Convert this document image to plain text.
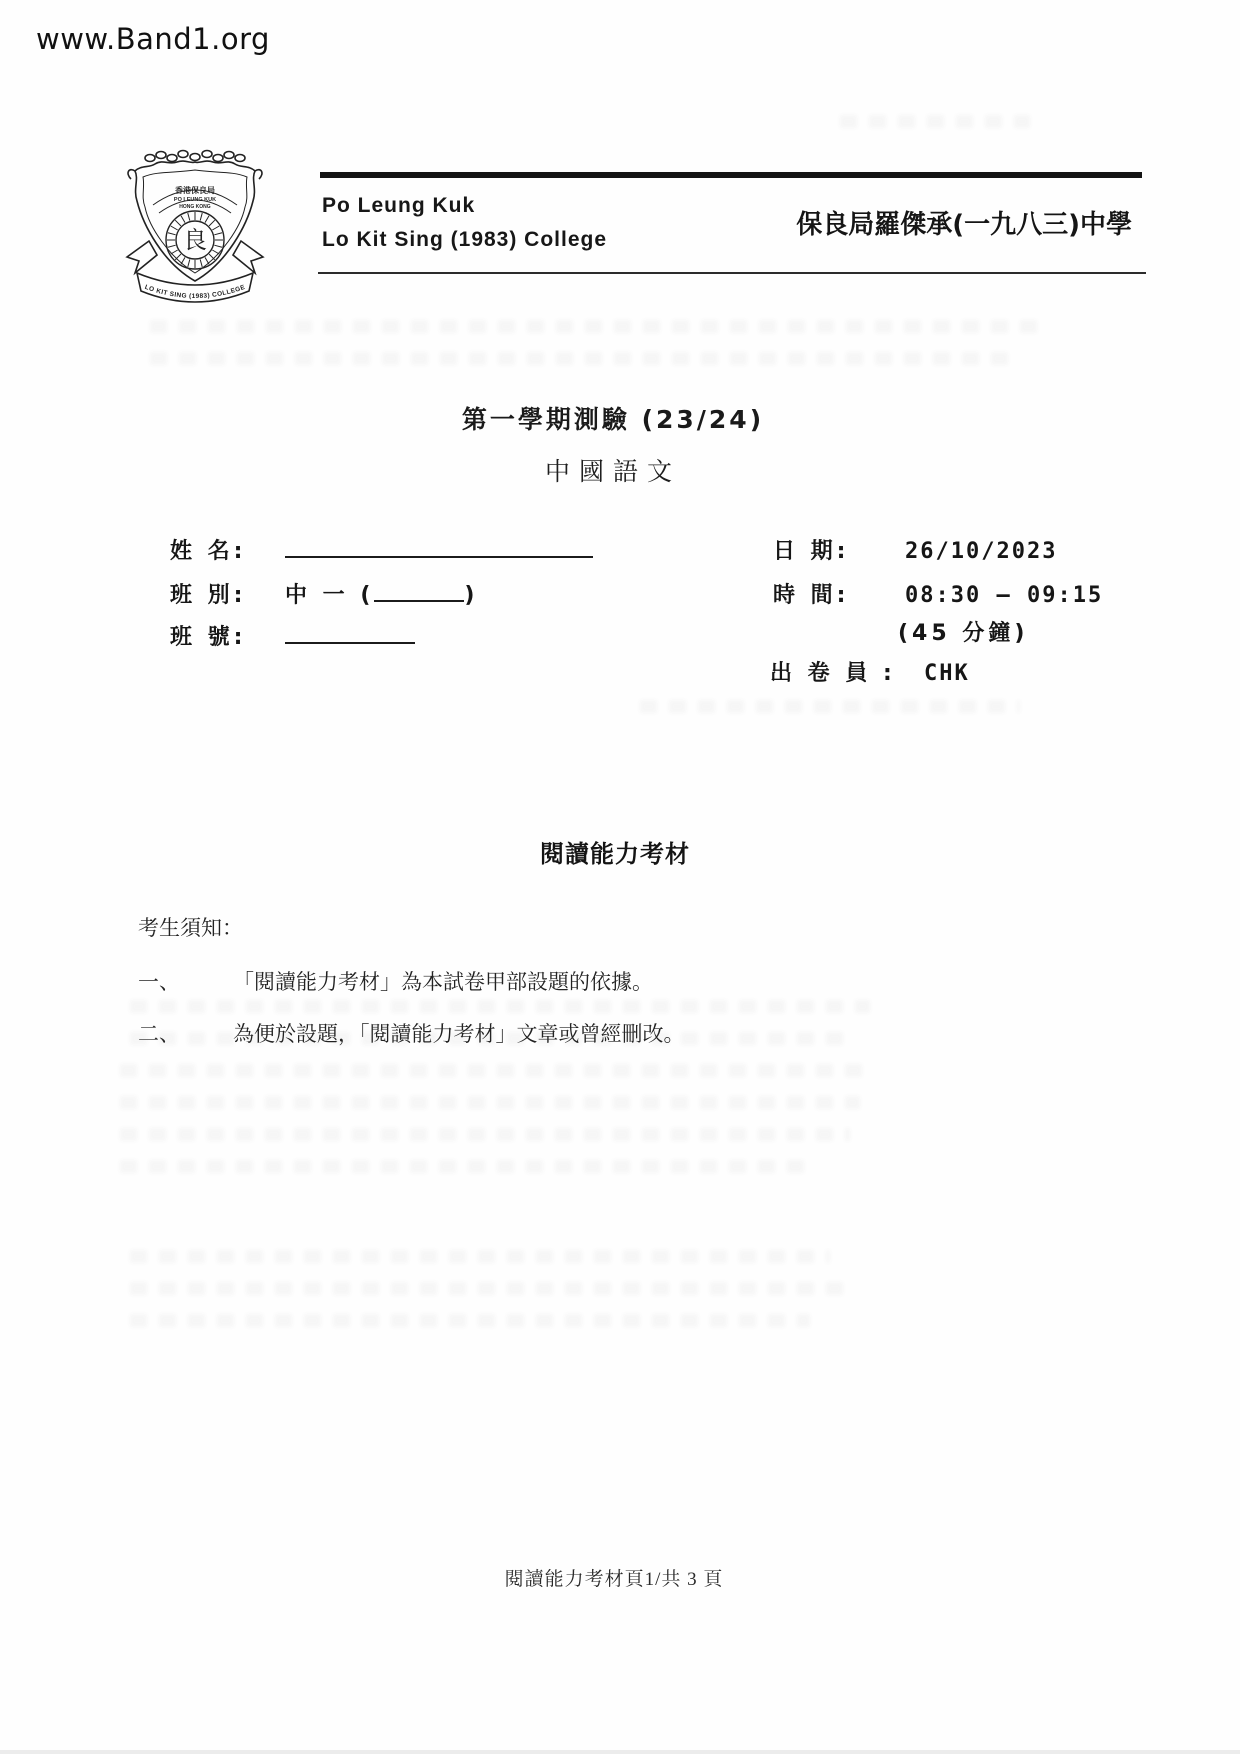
www.Band1.org
香港保良局
PO LEUNG KUK
HONG KONG
良
LO KIT SING (1983) COLLEGE
Po Leung Kuk
Lo Kit Sing (1983) College	保良局羅傑承(一九八三)中學
第一學期測驗 (23/24)
中國語文
姓 名:
班 別:	中 一 (	)
班 號:
日 期:	26/10/2023
時 間:	08:30 – 09:15
(45 分鐘)
出 卷 員 : CHK
閱讀能力考材
考生須知：
一、	「閱讀能力考材」為本試卷甲部設題的依據。
二、	為便於設題，「閱讀能力考材」文章或曾經刪改。
閱讀能力考材頁1/共 3 頁
